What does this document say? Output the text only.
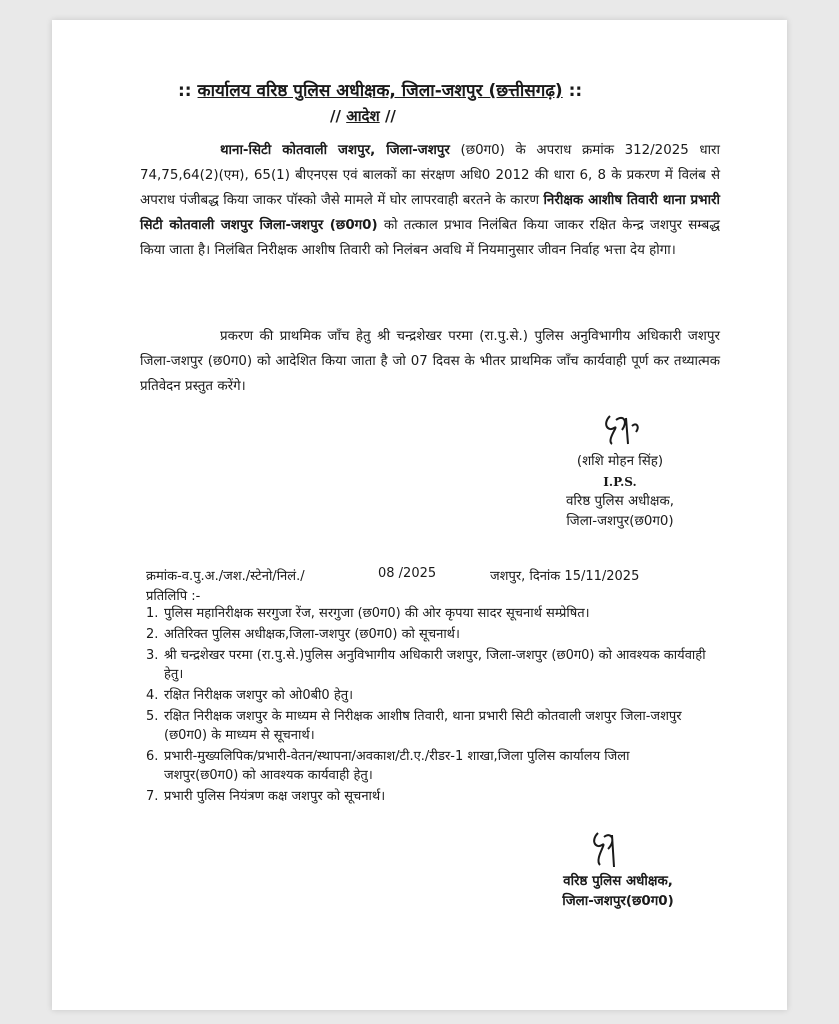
:: कार्यालय वरिष्ठ पुलिस अधीक्षक, जिला-जशपुर (छत्तीसगढ़) ::
// आदेश //
थाना-सिटी कोतवाली जशपुर, जिला-जशपुर (छ0ग0) के अपराध क्रमांक 312/2025 धारा 74,75,64(2)(एम), 65(1) बीएनएस एवं बालकों का संरक्षण अधि0 2012 की धारा 6, 8 के प्रकरण में विलंब से अपराध पंजीबद्ध किया जाकर पॉस्को जैसे मामले में घोर लापरवाही बरतने के कारण निरीक्षक आशीष तिवारी थाना प्रभारी सिटी कोतवाली जशपुर जिला-जशपुर (छ0ग0) को तत्काल प्रभाव निलंबित किया जाकर रक्षित केन्द्र जशपुर सम्बद्ध किया जाता है। निलंबित निरीक्षक आशीष तिवारी को निलंबन अवधि में नियमानुसार जीवन निर्वाह भत्ता देय होगा।
प्रकरण की प्राथमिक जाँच हेतु श्री चन्द्रशेखर परमा (रा.पु.से.) पुलिस अनुविभागीय अधिकारी जशपुर जिला-जशपुर (छ0ग0) को आदेशित किया जाता है जो 07 दिवस के भीतर प्राथमिक जाँच कार्यवाही पूर्ण कर तथ्यात्मक प्रतिवेदन प्रस्तुत करेंगे।
(शशि मोहन सिंह)
I.P.S.
वरिष्ठ पुलिस अधीक्षक,
जिला-जशपुर(छ0ग0)
क्रमांक-व.पु.अ./जश./स्टेनो/निलं./	08 /2025	जशपुर, दिनांक 15/11/2025
प्रतिलिपि :-
1. पुलिस महानिरीक्षक सरगुजा रेंज, सरगुजा (छ0ग0) की ओर कृपया सादर सूचनार्थ सम्प्रेषित।
2. अतिरिक्त पुलिस अधीक्षक,जिला-जशपुर (छ0ग0) को सूचनार्थ।
3. श्री चन्द्रशेखर परमा (रा.पु.से.)पुलिस अनुविभागीय अधिकारी जशपुर, जिला-जशपुर (छ0ग0) को आवश्यक कार्यवाही हेतु।
4. रक्षित निरीक्षक जशपुर को ओ0बी0 हेतु।
5. रक्षित निरीक्षक जशपुर के माध्यम से निरीक्षक आशीष तिवारी, थाना प्रभारी सिटी कोतवाली जशपुर जिला-जशपुर (छ0ग0) के माध्यम से सूचनार्थ।
6. प्रभारी-मुख्यलिपिक/प्रभारी-वेतन/स्थापना/अवकाश/टी.ए./रीडर-1 शाखा,जिला पुलिस कार्यालय जिला जशपुर(छ0ग0) को आवश्यक कार्यवाही हेतु।
7. प्रभारी पुलिस नियंत्रण कक्ष जशपुर को सूचनार्थ।
वरिष्ठ पुलिस अधीक्षक,
जिला-जशपुर(छ0ग0)
